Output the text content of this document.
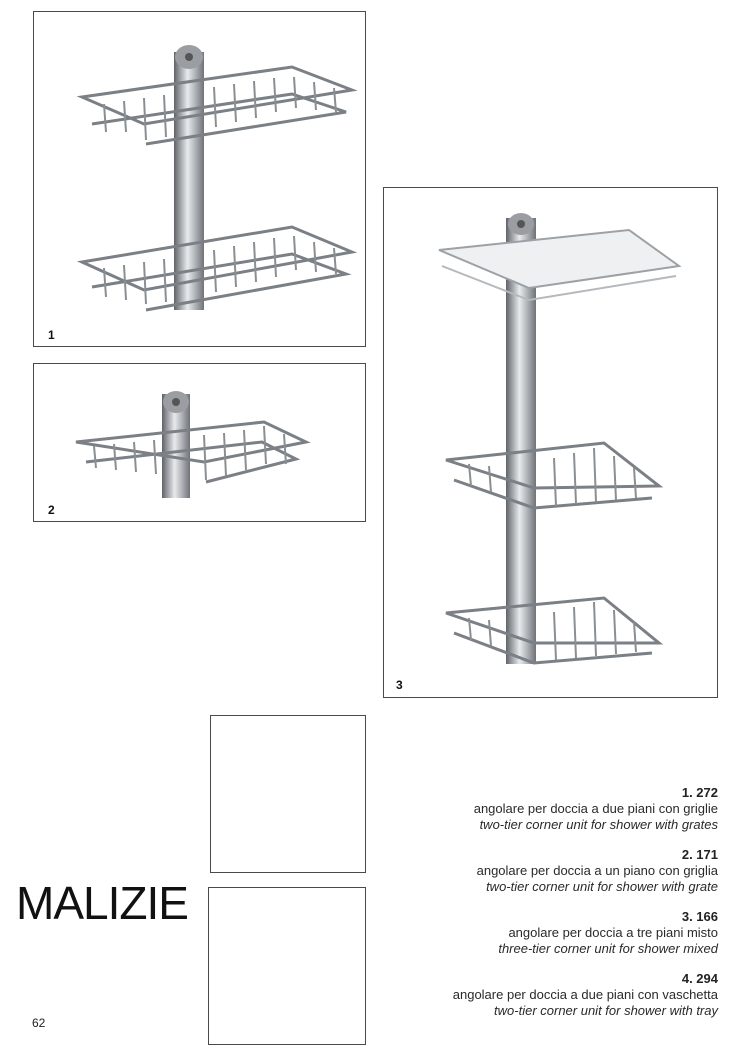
1
2
3
MALIZIE
62
1. 272
angolare per doccia a due piani con griglie
two-tier corner unit for shower with grates
2. 171
angolare per doccia a un piano con griglia
two-tier corner unit for shower with grate
3. 166
angolare per doccia a tre piani misto
three-tier corner unit for shower mixed
4. 294
angolare per doccia a due piani con vaschetta
two-tier corner unit for shower with tray
